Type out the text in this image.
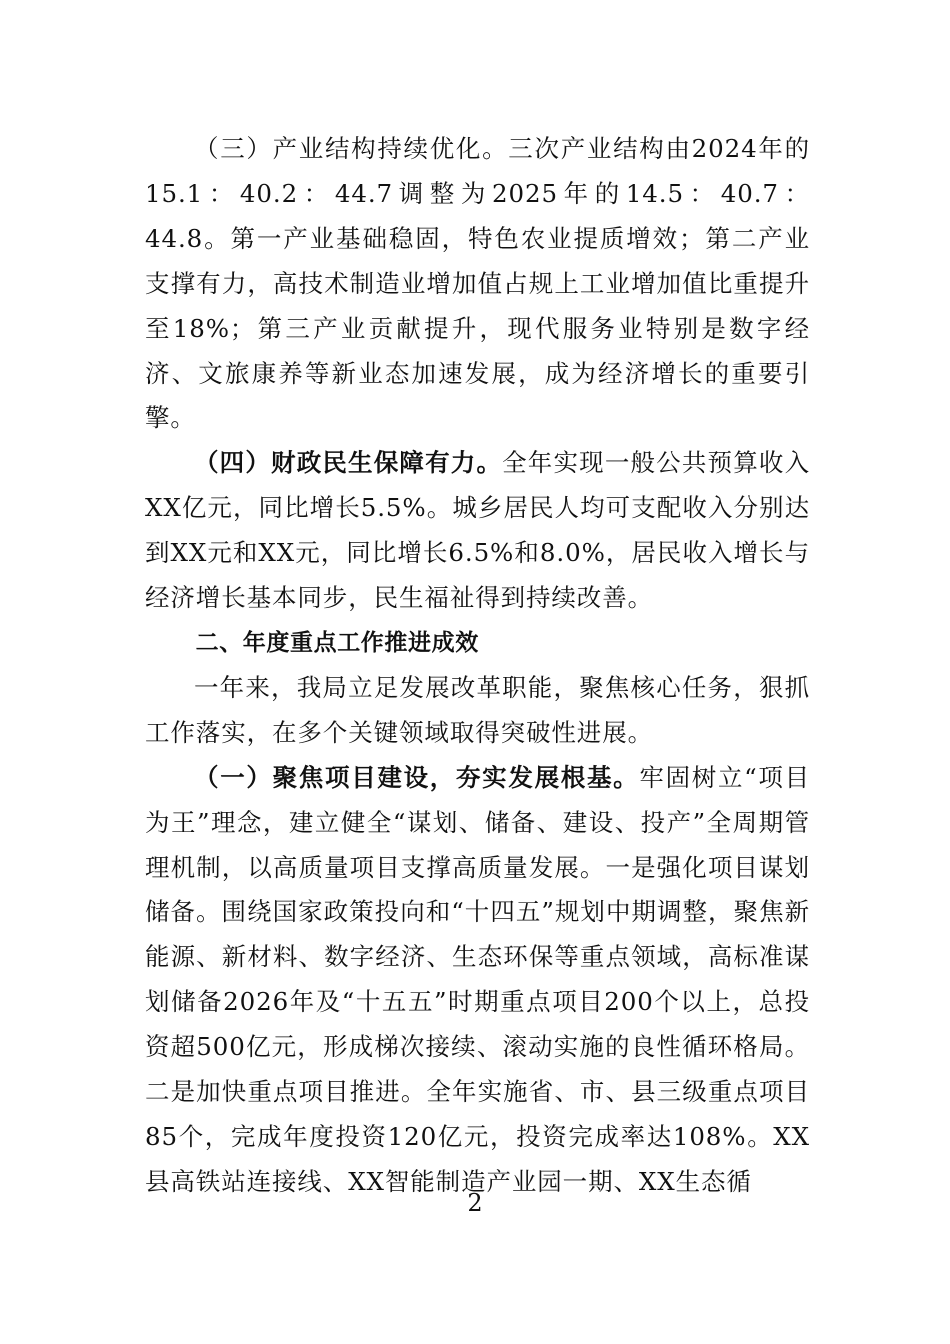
（三）产业结构持续优化。三次产业结构由2024年的15.1：40.2：44.7调整为2025年的14.5：40.7：44.8。第一产业基础稳固，特色农业提质增效；第二产业支撑有力，高技术制造业增加值占规上工业增加值比重提升至18%；第三产业贡献提升，现代服务业特别是数字经济、文旅康养等新业态加速发展，成为经济增长的重要引擎。

（四）财政民生保障有力。全年实现一般公共预算收入XX亿元，同比增长5.5%。城乡居民人均可支配收入分别达到XX元和XX元，同比增长6.5%和8.0%，居民收入增长与经济增长基本同步，民生福祉得到持续改善。

二、年度重点工作推进成效

一年来，我局立足发展改革职能，聚焦核心任务，狠抓工作落实，在多个关键领域取得突破性进展。

（一）聚焦项目建设，夯实发展根基。牢固树立“项目为王”理念，建立健全“谋划、储备、建设、投产”全周期管理机制，以高质量项目支撑高质量发展。一是强化项目谋划储备。围绕国家政策投向和“十四五”规划中期调整，聚焦新能源、新材料、数字经济、生态环保等重点领域，高标准谋划储备2026年及“十五五”时期重点项目200个以上，总投资超500亿元，形成梯次接续、滚动实施的良性循环格局。二是加快重点项目推进。全年实施省、市、县三级重点项目85个，完成年度投资120亿元，投资完成率达108%。XX县高铁站连接线、XX智能制造产业园一期、XX生态循

2
